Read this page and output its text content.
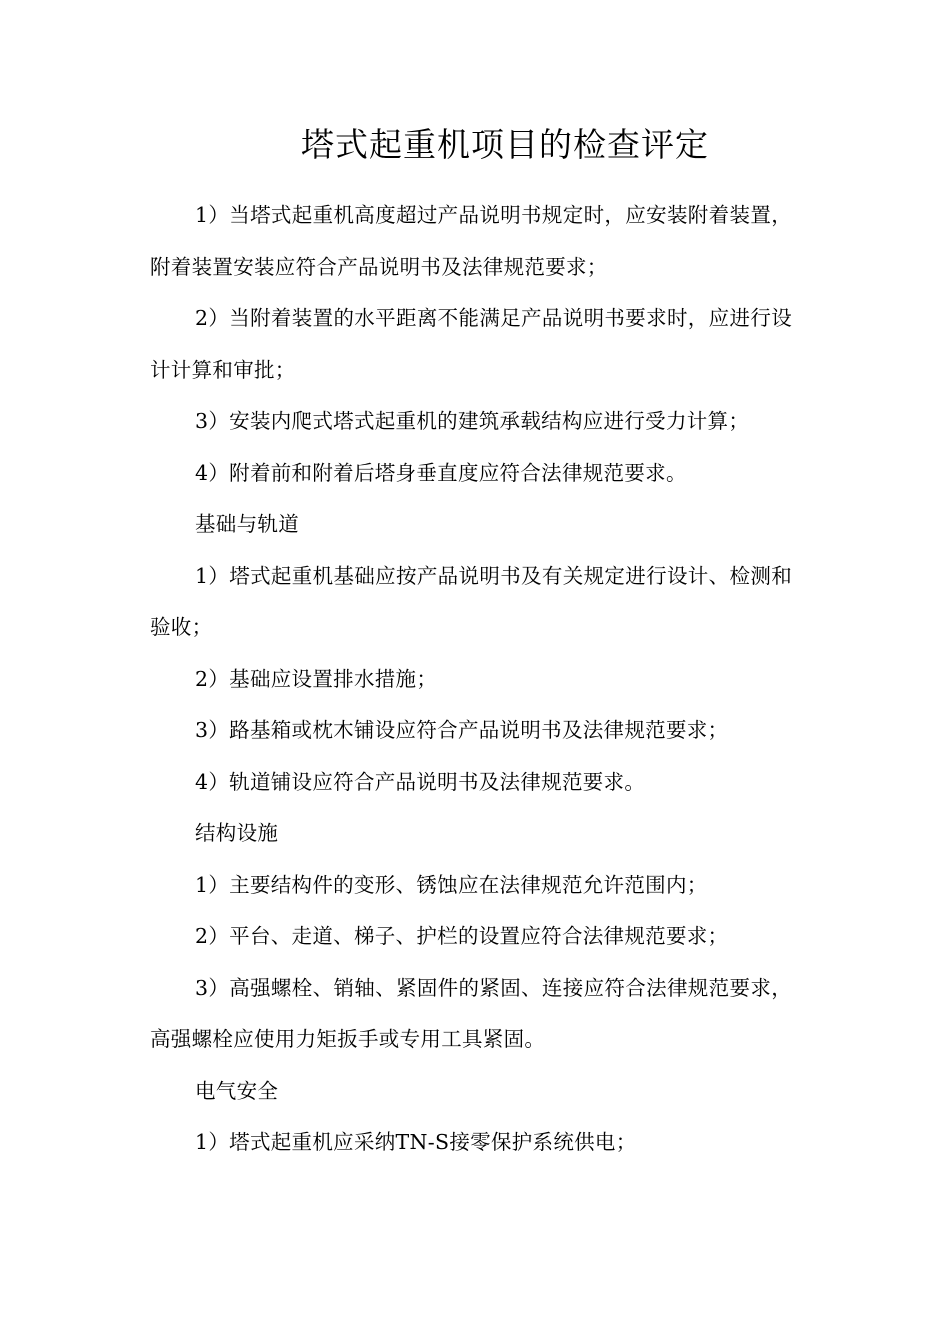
塔式起重机项目的检查评定

1）当塔式起重机高度超过产品说明书规定时，应安装附着装置，附着装置安装应符合产品说明书及法律规范要求；

2）当附着装置的水平距离不能满足产品说明书要求时，应进行设计计算和审批；

3）安装内爬式塔式起重机的建筑承载结构应进行受力计算；

4）附着前和附着后塔身垂直度应符合法律规范要求。

基础与轨道

1）塔式起重机基础应按产品说明书及有关规定进行设计、检测和验收；

2）基础应设置排水措施；

3）路基箱或枕木铺设应符合产品说明书及法律规范要求；

4）轨道铺设应符合产品说明书及法律规范要求。

结构设施

1）主要结构件的变形、锈蚀应在法律规范允许范围内；

2）平台、走道、梯子、护栏的设置应符合法律规范要求；

3）高强螺栓、销轴、紧固件的紧固、连接应符合法律规范要求，高强螺栓应使用力矩扳手或专用工具紧固。

电气安全

1）塔式起重机应采纳TN-S接零保护系统供电；
